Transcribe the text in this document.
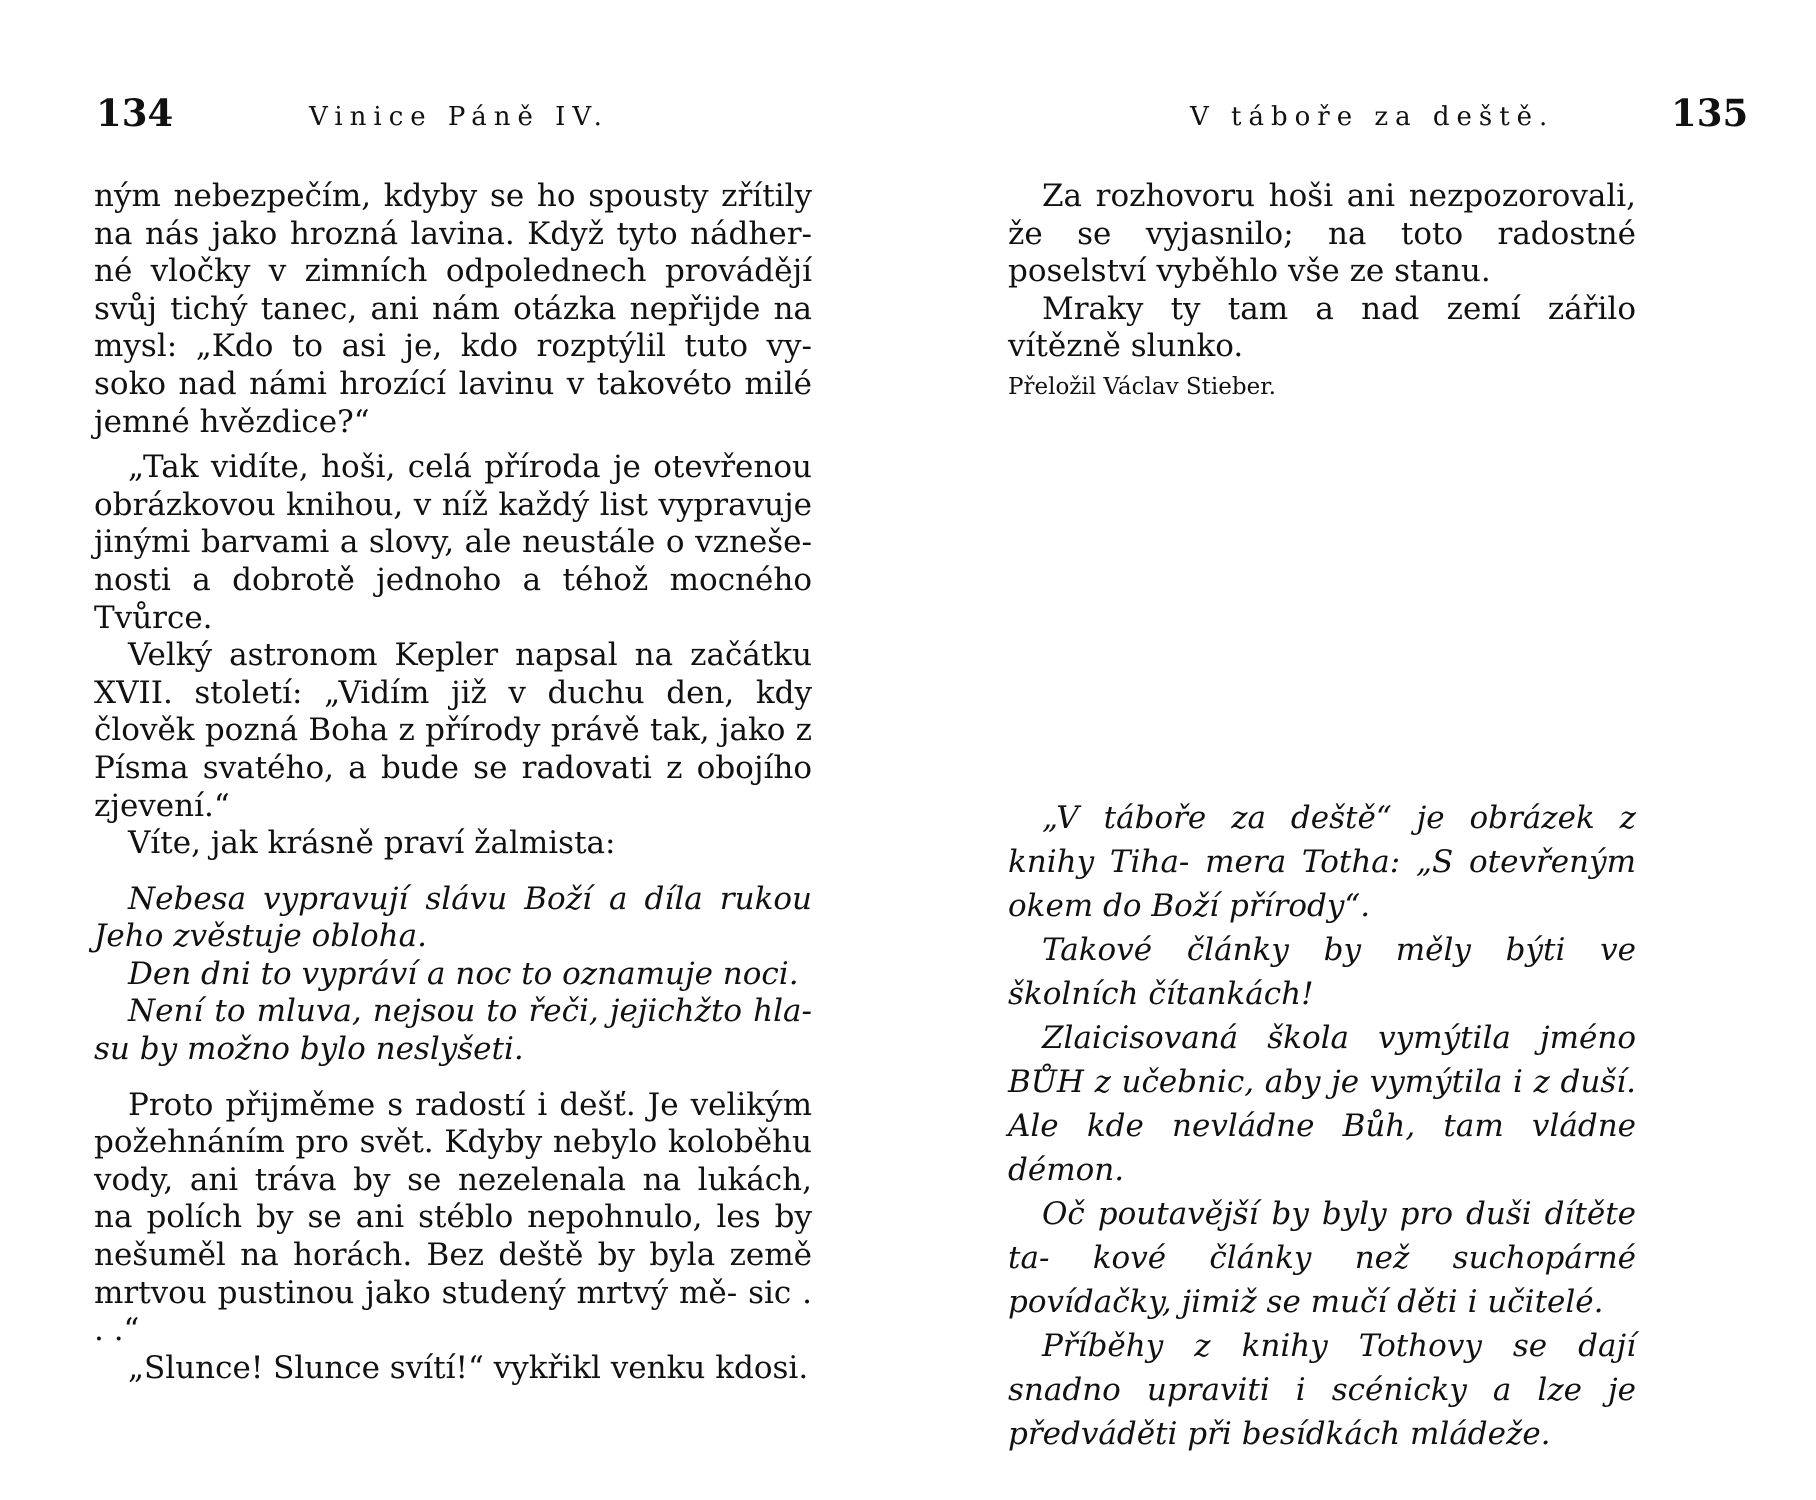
134	Vinice Páně IV.

ným nebezpečím, kdyby se ho spousty zřítily na nás jako hrozná lavina. Když tyto nádher- né vločky v zimních odpolednech provádějí svůj tichý tanec, ani nám otázka nepřijde na mysl: „Kdo to asi je, kdo rozptýlil tuto vy- soko nad námi hrozící lavinu v takovéto milé jemné hvězdice?“

„Tak vidíte, hoši, celá příroda je otevřenou obrázkovou knihou, v níž každý list vypravuje jinými barvami a slovy, ale neustále o vzneše- nosti a dobrotě jednoho a téhož mocného Tvůrce.

Velký astronom Kepler napsal na začátku XVII. století: „Vidím již v duchu den, kdy člověk pozná Boha z přírody právě tak, jako z Písma svatého, a bude se radovati z obojího zjevení.“

Víte, jak krásně praví žalmista:

Nebesa vypravují slávu Boží a díla rukou Jeho zvěstuje obloha.

Den dni to vypráví a noc to oznamuje noci.

Není to mluva, nejsou to řeči, jejichžto hla- su by možno bylo neslyšeti.

Proto přijměme s radostí i dešť. Je velikým požehnáním pro svět. Kdyby nebylo koloběhu vody, ani tráva by se nezelenala na lukách, na polích by se ani stéblo nepohnulo, les by nešuměl na horách. Bez deště by byla země mrtvou pustinou jako studený mrtvý mě- sic . . .“

„Slunce! Slunce svítí!“ vykřikl venku kdosi.

V táboře za deště.	135

Za rozhovoru hoši ani nezpozorovali, že se vyjasnilo; na toto radostné poselství vyběhlo vše ze stanu.

Mraky ty tam a nad zemí zářilo vítězně slunko.

Přeložil Václav Stieber.

„V táboře za deště“ je obrázek z knihy Tiha- mera Totha: „S otevřeným okem do Boží přírody“.

Takové články by měly býti ve školních čítankách!

Zlaicisovaná škola vymýtila jméno BŮH z učebnic, aby je vymýtila i z duší. Ale kde nevládne Bůh, tam vládne démon.

Oč poutavější by byly pro duši dítěte ta- kové články než suchopárné povídačky, jimiž se mučí děti i učitelé.

Příběhy z knihy Tothovy se dají snadno upraviti i scénicky a lze je předváděti při besídkách mládeže.
